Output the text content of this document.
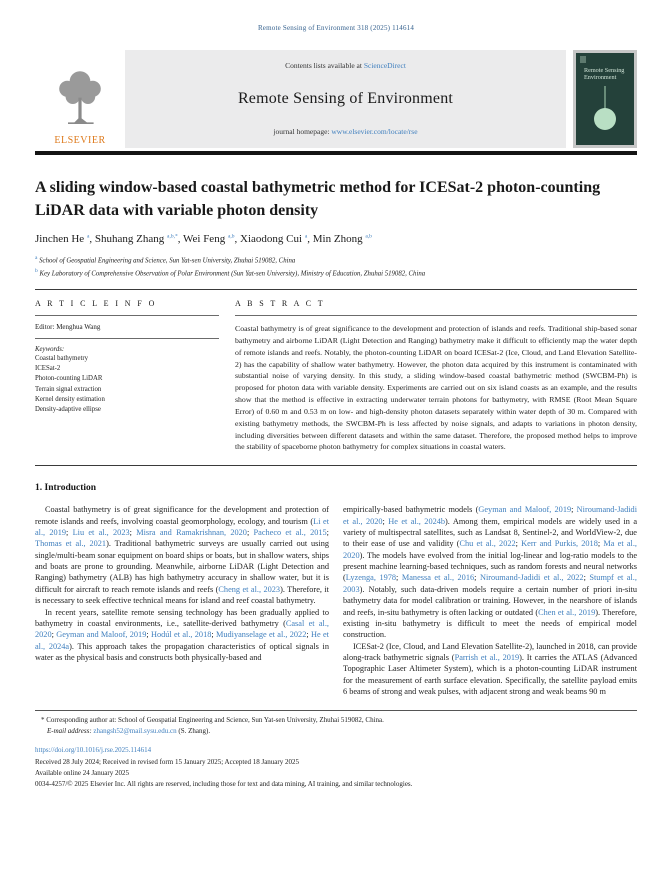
Remote Sensing of Environment 318 (2025) 114614
ELSEVIER
Contents lists available at ScienceDirect
Remote Sensing of Environment
journal homepage: www.elsevier.com/locate/rse
Remote Sensing
Environment
A sliding window-based coastal bathymetric method for ICESat-2 photon-counting LiDAR data with variable photon density
Jinchen He $^a$, Shuhang Zhang $^{a,b,*}$, Wei Feng $^{a,b}$, Xiaodong Cui $^a$, Min Zhong $^{a,b}$
$^a$ School of Geospatial Engineering and Science, Sun Yat-sen University, Zhuhai 519082, China
$^b$ Key Laboratory of Comprehensive Observation of Polar Environment (Sun Yat-sen University), Ministry of Education, Zhuhai 519082, China
A R T I C L E I N F O
Editor: Menghua Wang
Keywords:
Coastal bathymetry
ICESat-2
Photon-counting LiDAR
Terrain signal extraction
Kernel density estimation
Density-adaptive ellipse
A B S T R A C T
Coastal bathymetry is of great significance to the development and protection of islands and reefs. Traditional ship-based sonar bathymetry and airborne LiDAR (Light Detection and Ranging) bathymetry make it difficult to efficiently map the water depth of remote islands and reefs. Notably, the photon-counting LiDAR on board ICESat-2 (Ice, Cloud, and Land Elevation Satellite-2) has the capability of shallow water bathymetry. However, the photon data acquired by this instrument is contaminated with substantial noise of varying density. In this study, a sliding window-based coastal bathymetric method (SWCBM-Ph) is proposed for photon data with variable density. Experiments are carried out on six island coasts as an example, and the results show that the method is effective in extracting underwater terrain photons for bathymetry, with RMSE (Root Mean Square Error) of 0.60 m and 0.53 m on low- and high-density photon datasets separately within water depth of 30 m. Compared with existing bathymetry methods, the SWCBM-Ph is less affected by noise signals, and adapts to variations in photon density, including diversities between different datasets and within the same dataset. Therefore, the proposed method helps to improve the stability of spaceborne photon bathymetry for complex situations in coastal waters.
1. Introduction
Coastal bathymetry is of great significance for the development and protection of remote islands and reefs, involving coastal geomorphology, ecology, and tourism (Li et al., 2019; Liu et al., 2023; Misra and Ramakrishnan, 2020; Pacheco et al., 2015; Thomas et al., 2021). Traditional bathymetric surveys are usually carried out using single/multi-beam sonar equipment on board ships or boats, but in shallow waters, ships and boats are prone to grounding. Meanwhile, airborne LiDAR (Light Detection and Ranging) bathymetry (ALB) has high bathymetry accuracy in shallow water, but it is difficult for aircraft to reach remote islands and reefs (Cheng et al., 2023). Therefore, it is necessary to seek effective technical means for island and reef coastal bathymetry.
In recent years, satellite remote sensing technology has been gradually applied to bathymetry in coastal environments, i.e., satellite-derived bathymetry (Casal et al., 2020; Geyman and Maloof, 2019; Hodúl et al., 2018; Mudiyanselage et al., 2022; He et al., 2024a). This approach takes the propagation characteristics of optical signals in water as the physical basis and constructs both physically-based and
empirically-based bathymetric models (Geyman and Maloof, 2019; Niroumand-Jadidi et al., 2020; He et al., 2024b). Among them, empirical models are widely used in a variety of multispectral satellites, such as Landsat 8, Sentinel-2, and WorldView-2, due to their ease of use and validity (Chu et al., 2022; Kerr and Purkis, 2018; Ma et al., 2020). The models have evolved from the initial log-linear and log-ratio models to the present machine learning-based techniques, such as random forests and neural networks (Lyzenga, 1978; Manessa et al., 2016; Niroumand-Jadidi et al., 2022; Stumpf et al., 2003). Notably, such data-driven models require a certain number of priori in-situ bathymetry data for model calibration or training. However, in the nearshore of islands and reefs, in-situ bathymetry is often lacking or outdated (Chen et al., 2019). Therefore, existing in-situ bathymetry is difficult to meet the needs of empirical model construction.
ICESat-2 (Ice, Cloud, and Land Elevation Satellite-2), launched in 2018, can provide along-track bathymetric signals (Parrish et al., 2019). It carries the ATLAS (Advanced Topographic Laser Altimeter System), which is a photon-counting LiDAR instrument for the measurement of earth surface elevation. Specifically, the satellite payload emits 6 beams of strong and weak pulses, with adjacent strong and weak beams 90 m
* Corresponding author at: School of Geospatial Engineering and Science, Sun Yat-sen University, Zhuhai 519082, China.
E-mail address: zhangsh52@mail.sysu.edu.cn (S. Zhang).
https://doi.org/10.1016/j.rse.2025.114614
Received 28 July 2024; Received in revised form 15 January 2025; Accepted 18 January 2025
Available online 24 January 2025
0034-4257/© 2025 Elsevier Inc. All rights are reserved, including those for text and data mining, AI training, and similar technologies.
